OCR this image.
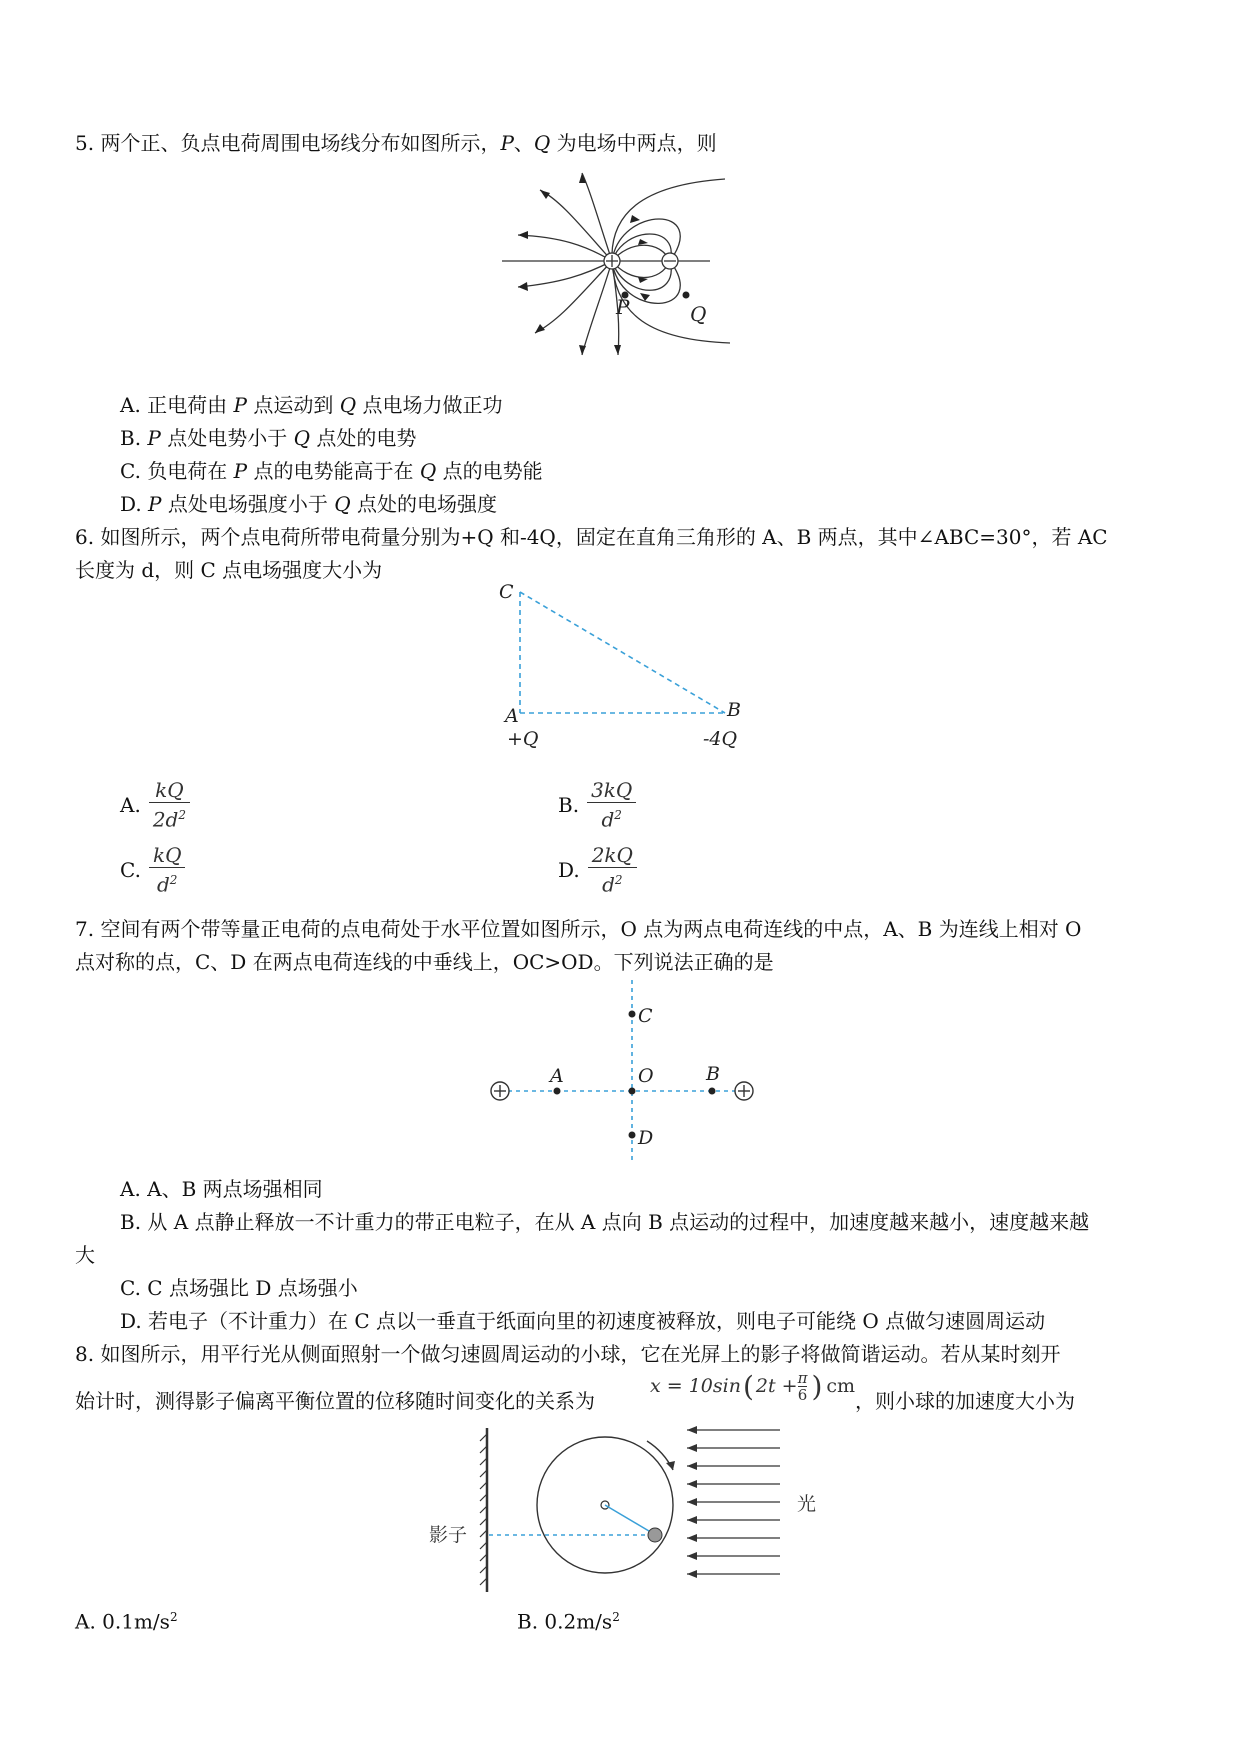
5. 两个正、负点电荷周围电场线分布如图所示，P、Q 为电场中两点，则
P	Q
A. 正电荷由 P 点运动到 Q 点电场力做正功
B. P 点处电势小于 Q 点处的电势
C. 负电荷在 P 点的电势能高于在 Q 点的电势能
D. P 点处电场强度小于 Q 点处的电场强度
6. 如图所示，两个点电荷所带电荷量分别为+Q 和-4Q，固定在直角三角形的 A、B 两点，其中∠ABC=30°，若 AC
长度为 d，则 C 点电场强度大小为
C
A	B
+Q	-4Q
A. $\frac{kQ}{2d^2}$	B. $\frac{3kQ}{d^2}$
C. $\frac{kQ}{d^2}$	D. $\frac{2kQ}{d^2}$
7. 空间有两个带等量正电荷的点电荷处于水平位置如图所示，O 点为两点电荷连线的中点，A、B 为连线上相对 O
点对称的点，C、D 在两点电荷连线的中垂线上，OC>OD。下列说法正确的是
C
A	O	B
D
A. A、B 两点场强相同
B. 从 A 点静止释放一不计重力的带正电粒子，在从 A 点向 B 点运动的过程中，加速度越来越小，速度越来越
大
C. C 点场强比 D 点场强小
D. 若电子（不计重力）在 C 点以一垂直于纸面向里的初速度被释放，则电子可能绕 O 点做匀速圆周运动
8. 如图所示，用平行光从侧面照射一个做匀速圆周运动的小球，它在光屏上的影子将做简谐运动。若从某时刻开
始计时，测得影子偏离平衡位置的位移随时间变化的关系为
x = 10sin ( 2t + π
6 ) cm
，则小球的加速度大小为
影子
光
A. $0.1m/s^2$	B. $0.2m/s^2$
